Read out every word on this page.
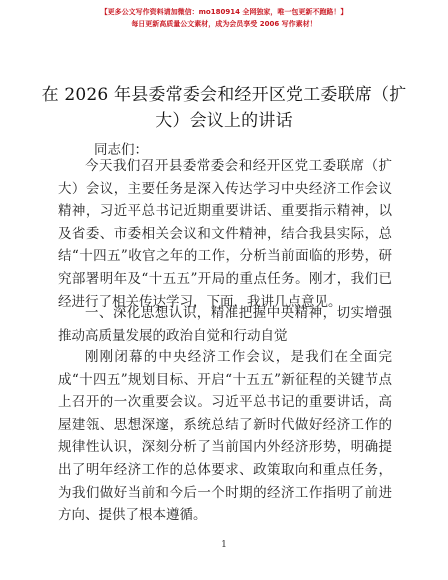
【更多公文写作资料请加微信：mo180914 全网独家，唯一包更新不跑路！】
每日更新高质量公文素材，成为会员享受 2006 写作素材！
在 2026 年县委常委会和经开区党工委联席（扩大）会议上的讲话
同志们：

今天我们召开县委常委会和经开区党工委联席（扩大）会议，主要任务是深入传达学习中央经济工作会议精神，习近平总书记近期重要讲话、重要指示精神，以及省委、市委相关会议和文件精神，结合我县实际，总结“十四五”收官之年的工作，分析当前面临的形势，研究部署明年及“十五五”开局的重点任务。刚才，我们已经进行了相关传达学习，下面，我讲几点意见。

一、深化思想认识，精准把握中央精神，切实增强推动高质量发展的政治自觉和行动自觉

刚刚闭幕的中央经济工作会议，是我们在全面完成“十四五”规划目标、开启“十五五”新征程的关键节点上召开的一次重要会议。习近平总书记的重要讲话，高屋建瓴、思想深邃，系统总结了新时代做好经济工作的规律性认识，深刻分析了当前国内外经济形势，明确提出了明年经济工作的总体要求、政策取向和重点任务，为我们做好当前和今后一个时期的经济工作指明了前进方向、提供了根本遵循。

1
